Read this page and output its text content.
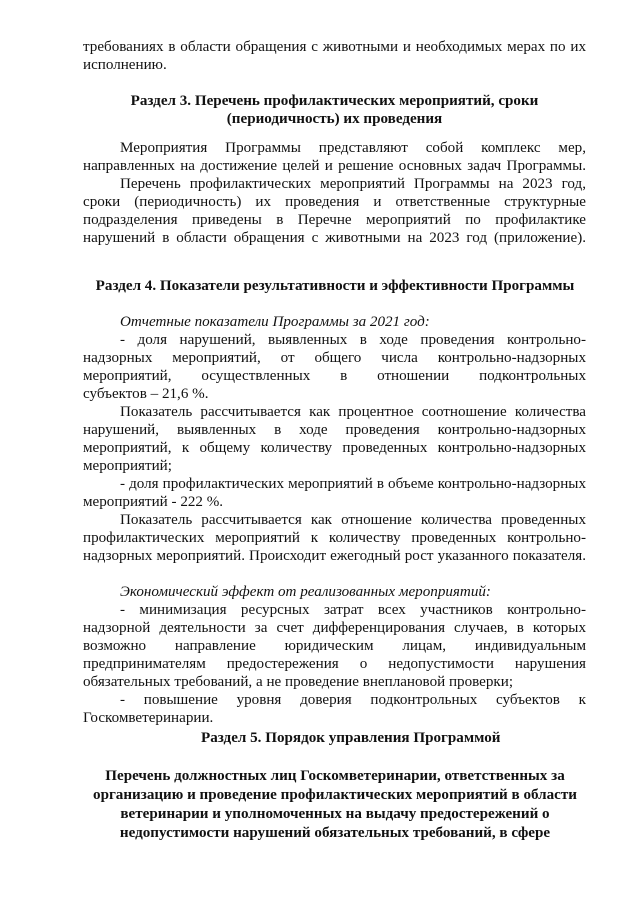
требованиях в области обращения с животными и необходимых мерах по их
исполнению.
Раздел 3. Перечень профилактических мероприятий, сроки
(периодичность) их проведения
Мероприятия Программы представляют собой комплекс мер,
направленных на достижение целей и решение основных задач Программы.
Перечень профилактических мероприятий Программы на 2023 год,
сроки (периодичность) их проведения и ответственные структурные
подразделения приведены в Перечне мероприятий по профилактике
нарушений в области обращения с животными на 2023 год (приложение).
Раздел 4. Показатели результативности и эффективности Программы
Отчетные показатели Программы за 2021 год:
- доля нарушений, выявленных в ходе проведения контрольно-
надзорных мероприятий, от общего числа контрольно-надзорных
мероприятий, осуществленных в отношении подконтрольных
субъектов – 21,6 %.
Показатель рассчитывается как процентное соотношение количества
нарушений, выявленных в ходе проведения контрольно-надзорных
мероприятий, к общему количеству проведенных контрольно-надзорных
мероприятий;
- доля профилактических мероприятий в объеме контрольно-надзорных
мероприятий - 222 %.
Показатель рассчитывается как отношение количества проведенных
профилактических мероприятий к количеству проведенных контрольно-
надзорных мероприятий. Происходит ежегодный рост указанного показателя.
Экономический эффект от реализованных мероприятий:
- минимизация ресурсных затрат всех участников контрольно-
надзорной деятельности за счет дифференцирования случаев, в которых
возможно направление юридическим лицам, индивидуальным
предпринимателям предостережения о недопустимости нарушения
обязательных требований, а не проведение внеплановой проверки;
- повышение уровня доверия подконтрольных субъектов к
Госкомветеринарии.
Раздел 5. Порядок управления Программой
Перечень должностных лиц Госкомветеринарии, ответственных за
организацию и проведение профилактических мероприятий в области
ветеринарии и уполномоченных на выдачу предостережений о
недопустимости нарушений обязательных требований, в сфере
